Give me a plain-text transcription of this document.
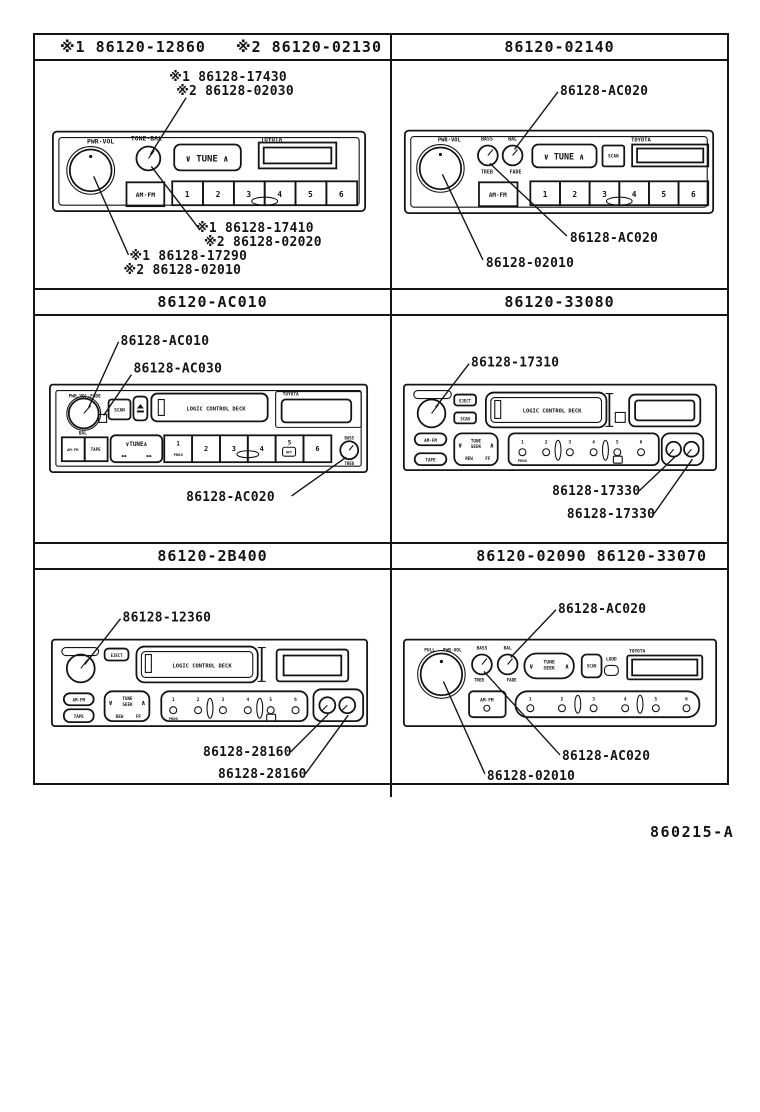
※1 86120-12860   ※2 86120-02130	86120-02140
PWR·VOL	TONE·BAL
∨ TUNE ∧
TOYOTA
AM·FM	1	2	3	4	5	6
※1 86128-17430
※2 86128-02030
※1 86128-17410
※2 86128-02020
※1 86128-17290
※2 86128-02010
PWR·VOL	BASS
TREB
BAL
FADE
∨ TUNE ∧	SCAN
TOYOTA
AM·FM	1	2	3	4	5	6
86128-AC020
86128-AC020
86128-02010
86120-AC010	86120-33080
PWR·VOL·FADE
BAL
SCAN	LOGIC CONTROL DECK
TOYOTA
AM·FM	TAPE
∨TUNE∧
◀◀	▶▶
1
PROG
2	3	4
5
RPT	6
BASS
TREB
86128-AC010
86128-AC030
86128-AC020
EJECT
SCAN
LOGIC CONTROL DECK
AM·FM
TAPE
∨ TUNE
SEEK ∧
REW	FF
1	2	3	4	5	6
PROG
86128-17310
86128-17330
86128-17330
86120-2B400	86120-02090 86120-33070
EJECT
LOGIC CONTROL DECK
AM·FM
TAPE
∨ TUNE
SEEK ∧
REW	FF
1	2	3	4	5	6
PROG
86128-12360
86128-28160
86128-28160
PULL PWR·VOL	BASS
TREB
BAL
FADE
∨ TUNE
SEEK ∧	SCAN
LOUD
TOYOTA
AM·FM	1	2	3	4	5	6
86128-AC020
86128-AC020
86128-02010
860215-A
